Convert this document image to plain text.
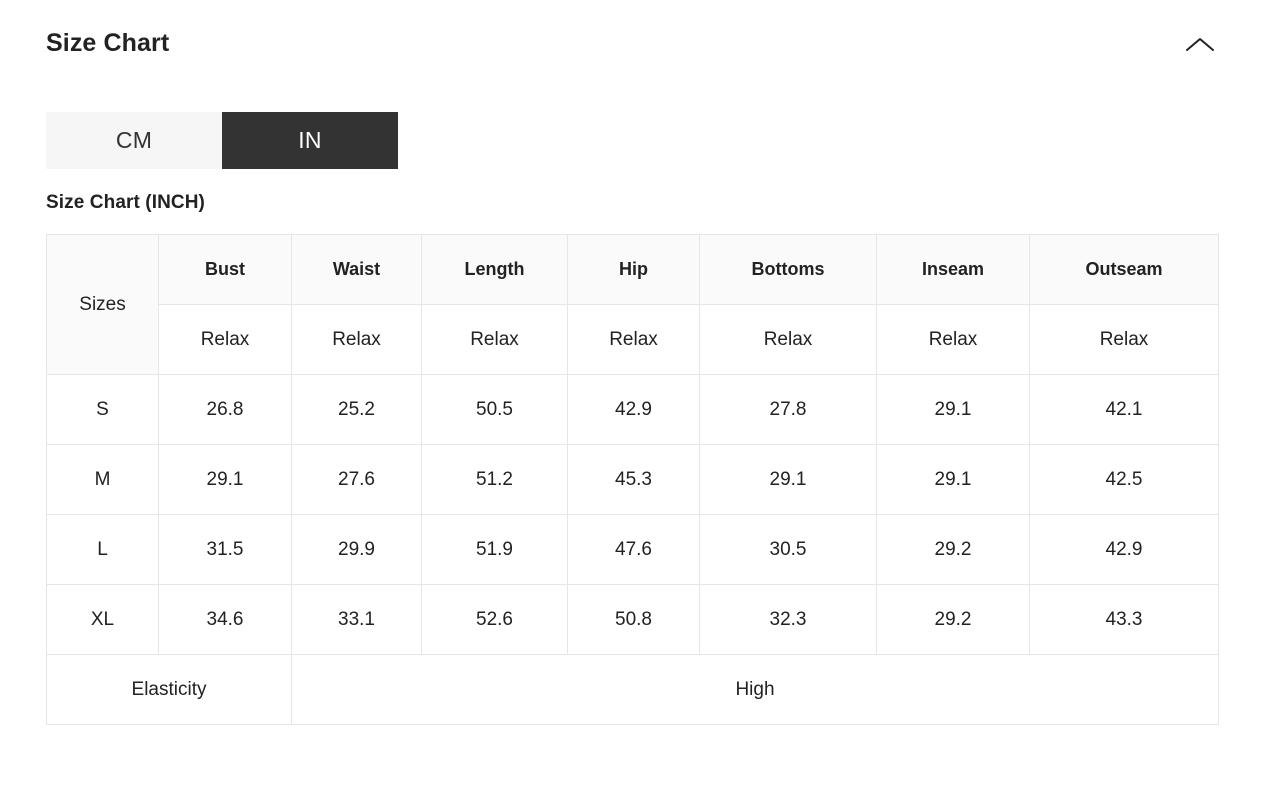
Size Chart
CM	IN
Size Chart (INCH)
Sizes	Bust	Waist	Length	Hip	Bottoms	Inseam	Outseam
	Relax	Relax	Relax	Relax	Relax	Relax	Relax
S	26.8	25.2	50.5	42.9	27.8	29.1	42.1
M	29.1	27.6	51.2	45.3	29.1	29.1	42.5
L	31.5	29.9	51.9	47.6	30.5	29.2	42.9
XL	34.6	33.1	52.6	50.8	32.3	29.2	43.3
Elasticity		High					
